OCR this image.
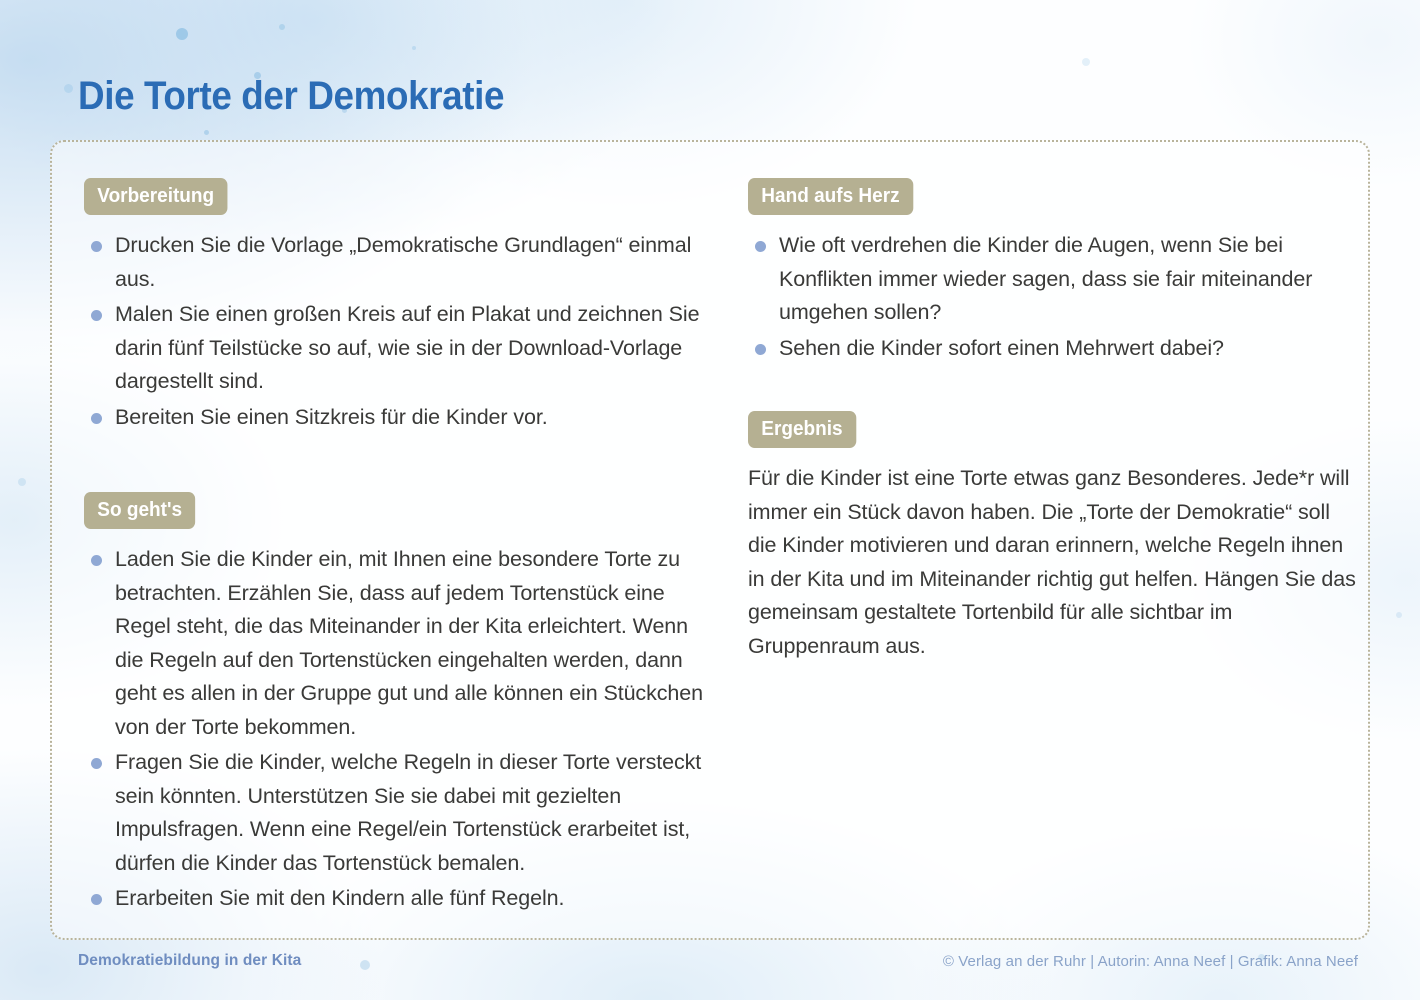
Die Torte der Demokratie
Vorbereitung
Drucken Sie die Vorlage „Demokratische Grundlagen“ einmal aus.
Malen Sie einen großen Kreis auf ein Plakat und zeichnen Sie darin fünf Teilstücke so auf, wie sie in der Download-Vorlage dargestellt sind.
Bereiten Sie einen Sitzkreis für die Kinder vor.
So geht's
Laden Sie die Kinder ein, mit Ihnen eine besondere Torte zu betrachten. Erzählen Sie, dass auf jedem Tortenstück eine Regel steht, die das Miteinander in der Kita erleichtert. Wenn die Regeln auf den Tortenstücken eingehalten werden, dann geht es allen in der Gruppe gut und alle können ein Stückchen von der Torte bekommen.
Fragen Sie die Kinder, welche Regeln in dieser Torte versteckt sein könnten. Unterstützen Sie sie dabei mit gezielten Impulsfragen. Wenn eine Regel/ein Tortenstück erarbeitet ist, dürfen die Kinder das Tortenstück bemalen.
Erarbeiten Sie mit den Kindern alle fünf Regeln.
Hand aufs Herz
Wie oft verdrehen die Kinder die Augen, wenn Sie bei Konflikten immer wieder sagen, dass sie fair miteinander umgehen sollen?
Sehen die Kinder sofort einen Mehrwert dabei?
Ergebnis

Für die Kinder ist eine Torte etwas ganz Besonderes. Jede*r will immer ein Stück davon haben. Die „Torte der Demokratie“ soll die Kinder motivieren und daran erinnern, welche Regeln ihnen in der Kita und im Miteinander richtig gut helfen. Hängen Sie das gemeinsam gestaltete Tortenbild für alle sichtbar im Gruppenraum aus.

Demokratiebildung in der Kita	© Verlag an der Ruhr | Autorin: Anna Neef | Grafik: Anna Neef
